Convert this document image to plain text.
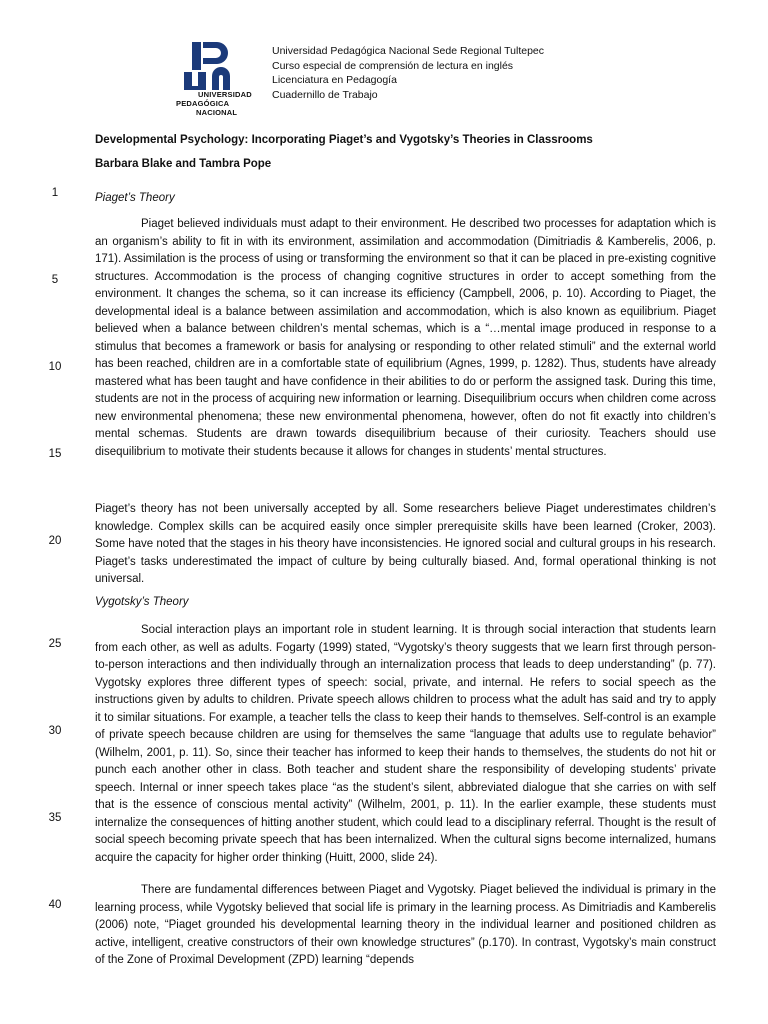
UNIVERSIDAD
PEDAGÓGICA
NACIONAL
Universidad Pedagógica Nacional Sede Regional Tultepec
Curso especial de comprensión de lectura en inglés
Licenciatura en Pedagogía
Cuadernillo de Trabajo
Developmental Psychology: Incorporating Piaget’s and Vygotsky’s Theories in Classrooms
Barbara Blake and Tambra Pope
1
5
10
15
20
25
30
35
40
Piaget’s Theory
Piaget believed individuals must adapt to their environment. He described two processes for adaptation which is an organism’s ability to fit in with its environment, assimilation and accommodation (Dimitriadis & Kamberelis, 2006, p. 171). Assimilation is the process of using or transforming the environment so that it can be placed in pre-existing cognitive structures. Accommodation is the process of changing cognitive structures in order to accept something from the environment. It changes the schema, so it can increase its efficiency (Campbell, 2006, p. 10). According to Piaget, the developmental ideal is a balance between assimilation and accommodation, which is also known as equilibrium. Piaget believed when a balance between children’s mental schemas, which is a “…mental image produced in response to a stimulus that becomes a framework or basis for analysing or responding to other related stimuli” and the external world has been reached, children are in a comfortable state of equilibrium (Agnes, 1999, p. 1282). Thus, students have already mastered what has been taught and have confidence in their abilities to do or perform the assigned task. During this time, students are not in the process of acquiring new information or learning. Disequilibrium occurs when children come across new environmental phenomena; these new environmental phenomena, however, often do not fit exactly into children’s mental schemas. Students are drawn towards disequilibrium because of their curiosity. Teachers should use disequilibrium to motivate their students because it allows for changes in students’ mental structures.
Piaget’s theory has not been universally accepted by all. Some researchers believe Piaget underestimates children’s knowledge. Complex skills can be acquired easily once simpler prerequisite skills have been learned (Croker, 2003). Some have noted that the stages in his theory have inconsistencies. He ignored social and cultural groups in his research. Piaget’s tasks underestimated the impact of culture by being culturally biased. And, formal operational thinking is not universal.
Vygotsky’s Theory
Social interaction plays an important role in student learning. It is through social interaction that students learn from each other, as well as adults. Fogarty (1999) stated, “Vygotsky’s theory suggests that we learn first through person-to-person interactions and then individually through an internalization process that leads to deep understanding” (p. 77). Vygotsky explores three different types of speech: social, private, and internal. He refers to social speech as the instructions given by adults to children. Private speech allows children to process what the adult has said and try to apply it to similar situations. For example, a teacher tells the class to keep their hands to themselves. Self-control is an example of private speech because children are using for themselves the same “language that adults use to regulate behavior” (Wilhelm, 2001, p. 11). So, since their teacher has informed to keep their hands to themselves, the students do not hit or punch each another other in class. Both teacher and student share the responsibility of developing students’ private speech. Internal or inner speech takes place “as the student’s silent, abbreviated dialogue that she carries on with self that is the essence of conscious mental activity” (Wilhelm, 2001, p. 11). In the earlier example, these students must internalize the consequences of hitting another student, which could lead to a disciplinary referral. Thought is the result of social speech becoming private speech that has been internalized. When the cultural signs become internalized, humans acquire the capacity for higher order thinking (Huitt, 2000, slide 24).
There are fundamental differences between Piaget and Vygotsky. Piaget believed the individual is primary in the learning process, while Vygotsky believed that social life is primary in the learning process. As Dimitriadis and Kamberelis (2006) note, “Piaget grounded his developmental learning theory in the individual learner and positioned children as active, intelligent, creative constructors of their own knowledge structures” (p.170). In contrast, Vygotsky’s main construct of the Zone of Proximal Development (ZPD) learning “depends
